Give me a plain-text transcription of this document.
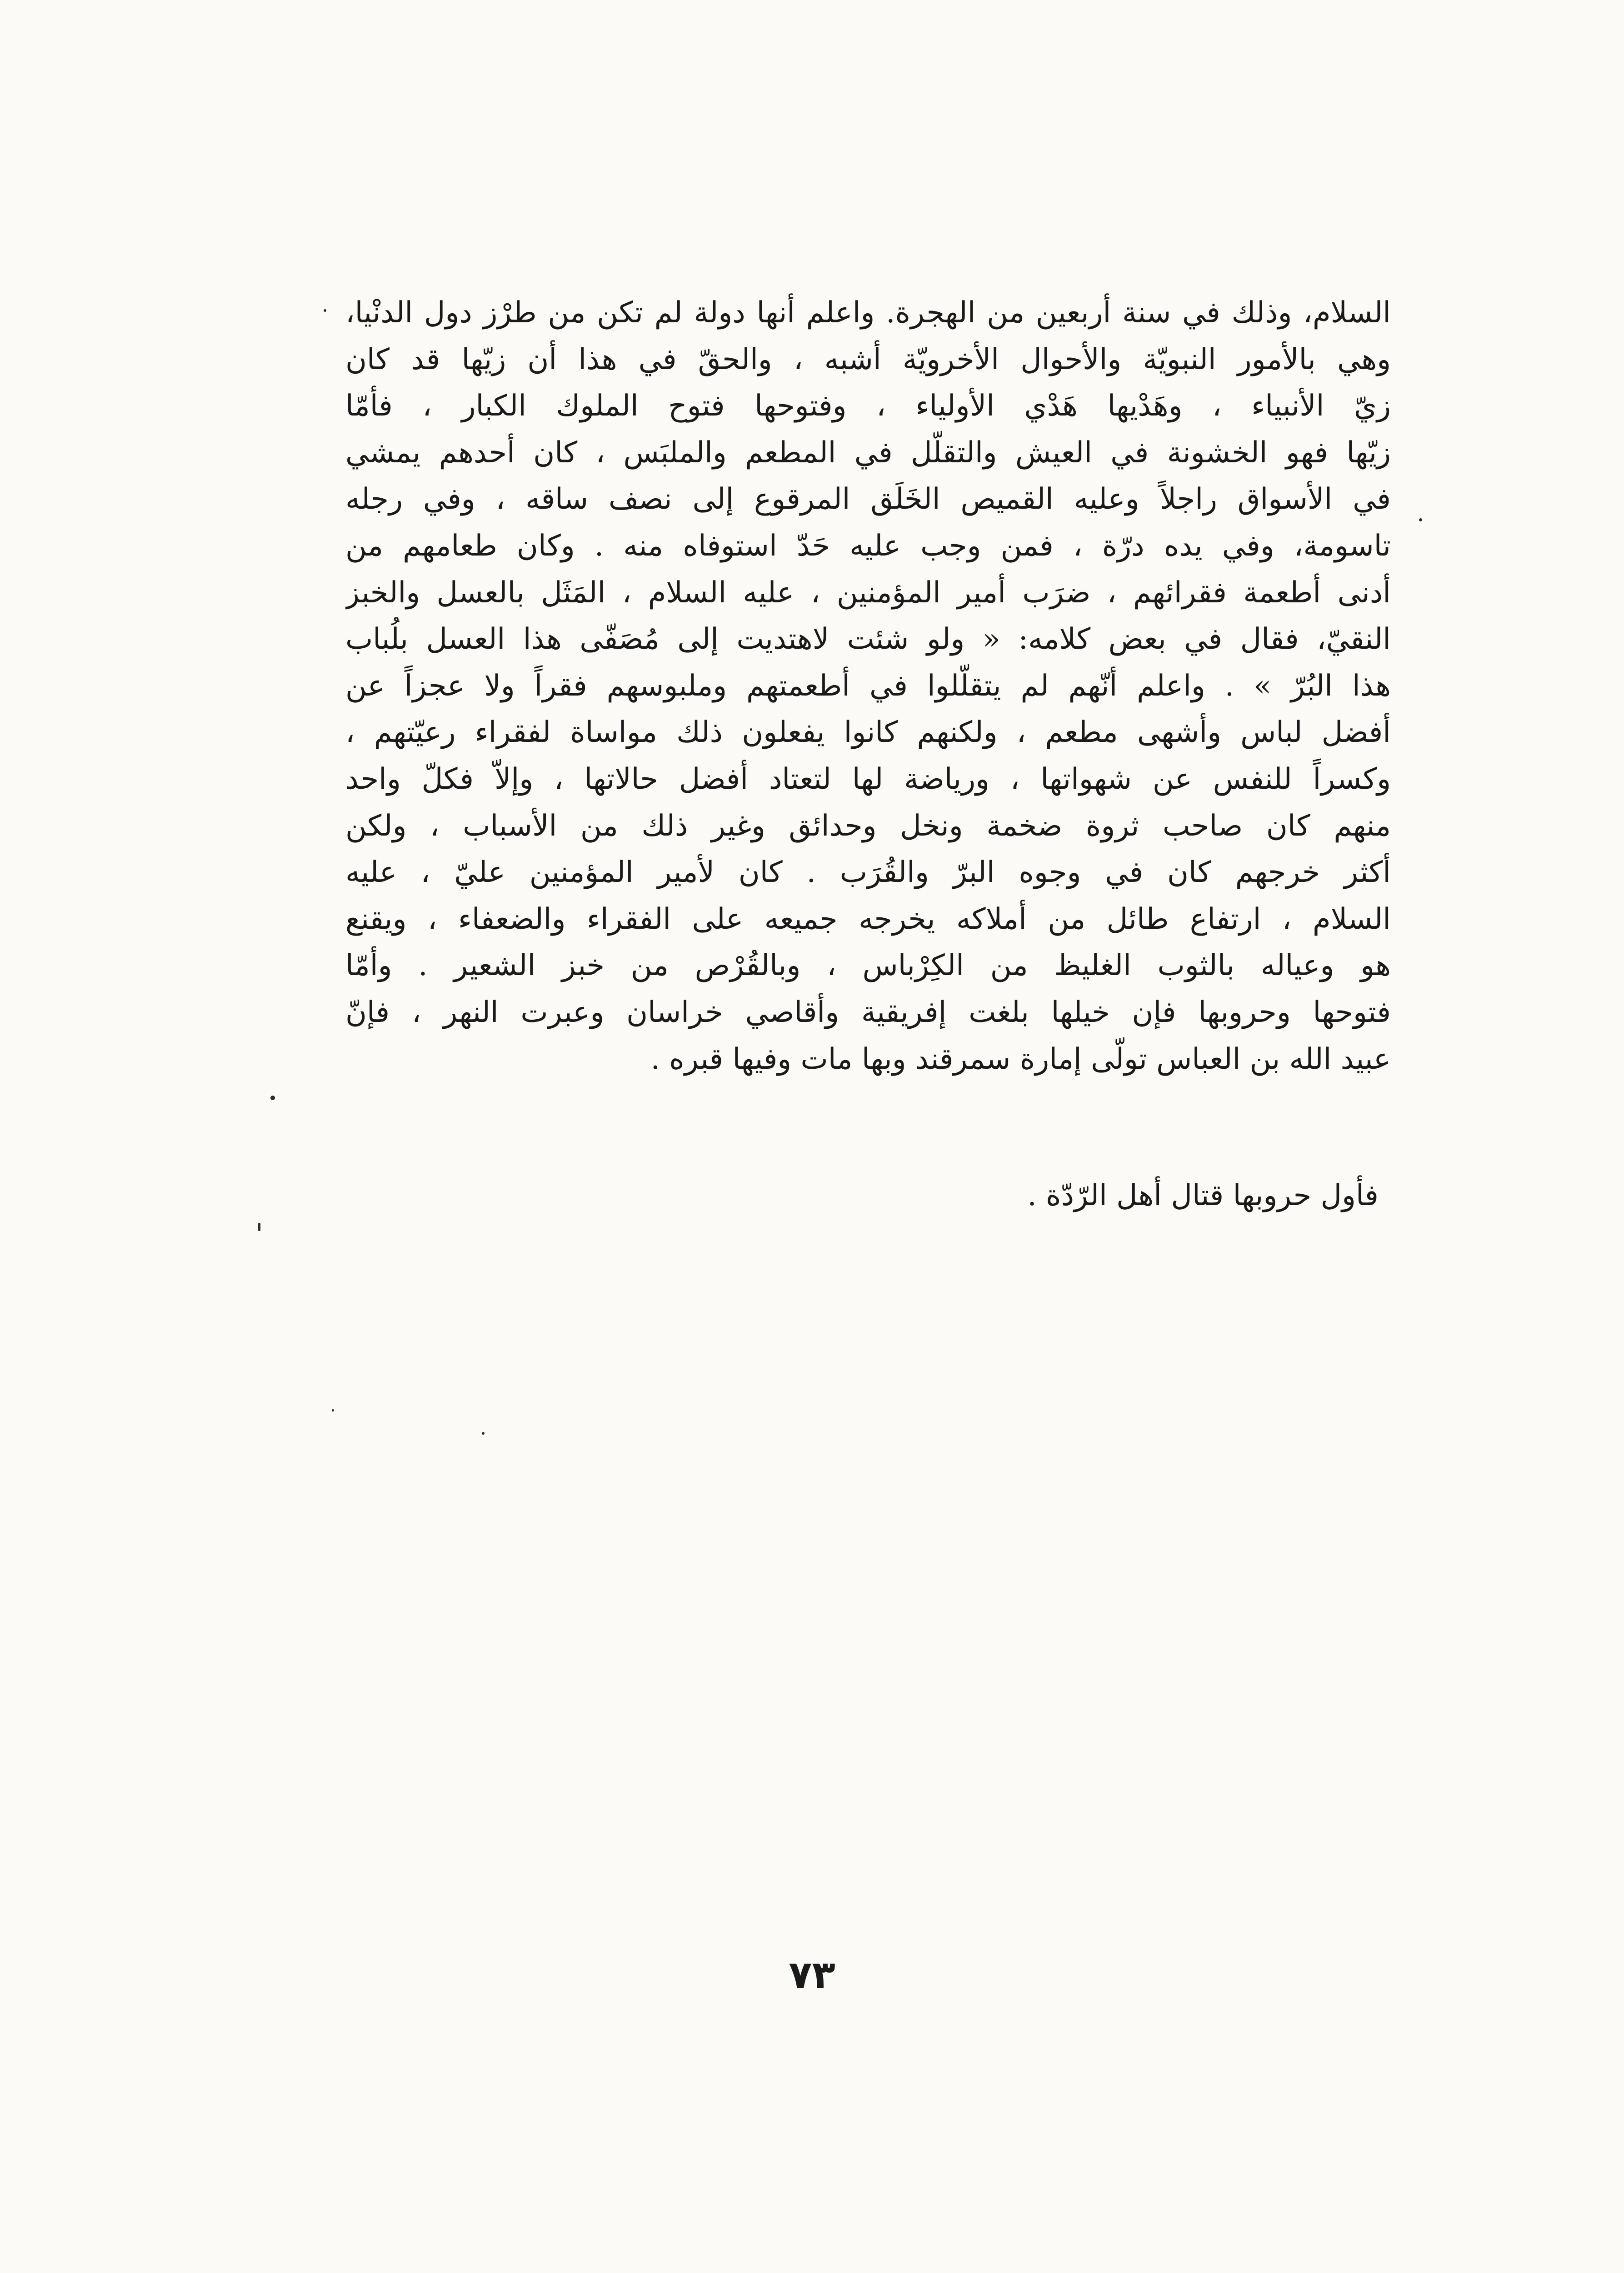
السلام، وذلك في سنة أربعين من الهجرة. واعلم أنها دولة لم تكن من طرْز دول الدنْيا،
وهي بالأمور النبويّة والأحوال الأخرويّة أشبه ، والحقّ في هذا أن زيّها قد كان
زيّ الأنبياء ، وهَدْيها هَدْي الأولياء ، وفتوحها فتوح الملوك الكبار ، فأمّا
زيّها فهو الخشونة في العيش والتقلّل في المطعم والملبَس ، كان أحدهم يمشي
في الأسواق راجلاً وعليه القميص الخَلَق المرقوع إلى نصف ساقه ، وفي رجله
تاسومة، وفي يده درّة ، فمن وجب عليه حَدّ استوفاه منه . وكان طعامهم من
أدنى أطعمة فقرائهم ، ضرَب أمير المؤمنين ، عليه السلام ، المَثَل بالعسل والخبز
النقيّ، فقال في بعض كلامه: « ولو شئت لاهتديت إلى مُصَفّى هذا العسل بلُباب
هذا البُرّ » . واعلم أنّهم لم يتقلّلوا في أطعمتهم وملبوسهم فقراً ولا عجزاً عن
أفضل لباس وأشهى مطعم ، ولكنهم كانوا يفعلون ذلك مواساة لفقراء رعيّتهم ،
وكسراً للنفس عن شهواتها ، ورياضة لها لتعتاد أفضل حالاتها ، وإلاّ فكلّ واحد
منهم كان صاحب ثروة ضخمة ونخل وحدائق وغير ذلك من الأسباب ، ولكن
أكثر خرجهم كان في وجوه البرّ والقُرَب . كان لأمير المؤمنين عليّ ، عليه
السلام ، ارتفاع طائل من أملاكه يخرجه جميعه على الفقراء والضعفاء ، ويقنع
هو وعياله بالثوب الغليظ من الكِرْباس ، وبالقُرْص من خبز الشعير . وأمّا
فتوحها وحروبها فإن خيلها بلغت إفريقية وأقاصي خراسان وعبرت النهر ، فإنّ
عبيد الله بن العباس تولّى إمارة سمرقند وبها مات وفيها قبره .
فأول حروبها قتال أهل الرّدّة .
٧٣
